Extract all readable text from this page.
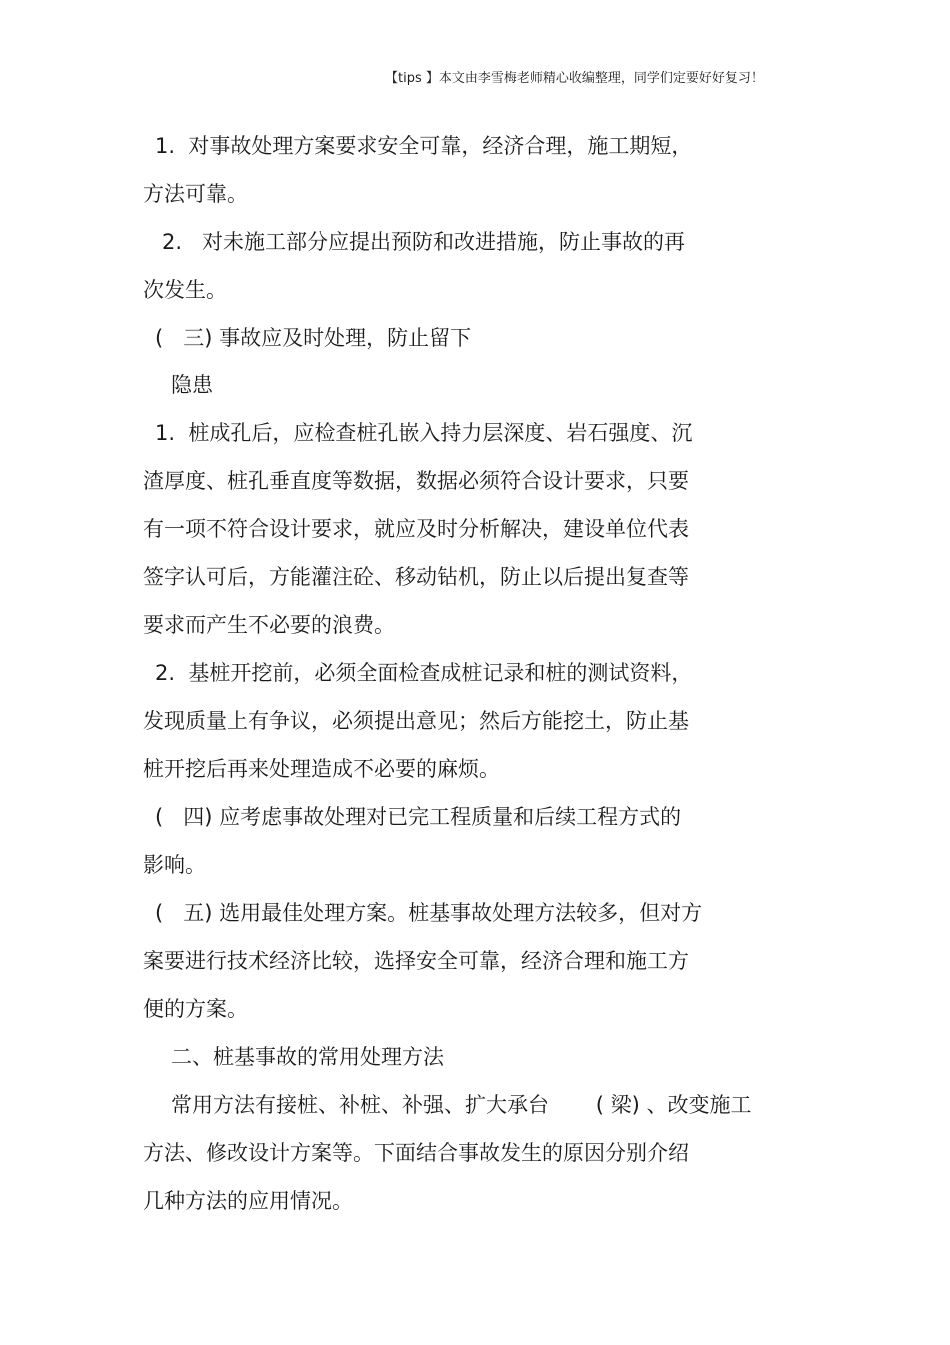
【tips 】本文由李雪梅老师精心收编整理，同学们定要好好复习！
1.  对事故处理方案要求安全可靠，经济合理，施工期短，
方法可靠。
2.   对未施工部分应提出预防和改进措施，防止事故的再
次发生。
(   三) 事故应及时处理，防止留下
隐患
1.  桩成孔后，应检查桩孔嵌入持力层深度、岩石强度、沉
渣厚度、桩孔垂直度等数据，数据必须符合设计要求，只要
有一项不符合设计要求，就应及时分析解决，建设单位代表
签字认可后，方能灌注砼、移动钻机，防止以后提出复查等
要求而产生不必要的浪费。
2.  基桩开挖前，必须全面检查成桩记录和桩的测试资料，
发现质量上有争议，必须提出意见；然后方能挖土，防止基
桩开挖后再来处理造成不必要的麻烦。
(   四) 应考虑事故处理对已完工程质量和后续工程方式的
影响。
(   五) 选用最佳处理方案。桩基事故处理方法较多，但对方
案要进行技术经济比较，选择安全可靠，经济合理和施工方
便的方案。
二、桩基事故的常用处理方法
常用方法有接桩、补桩、补强、扩大承台       ( 梁) 、改变施工
方法、修改设计方案等。下面结合事故发生的原因分别介绍
几种方法的应用情况。
